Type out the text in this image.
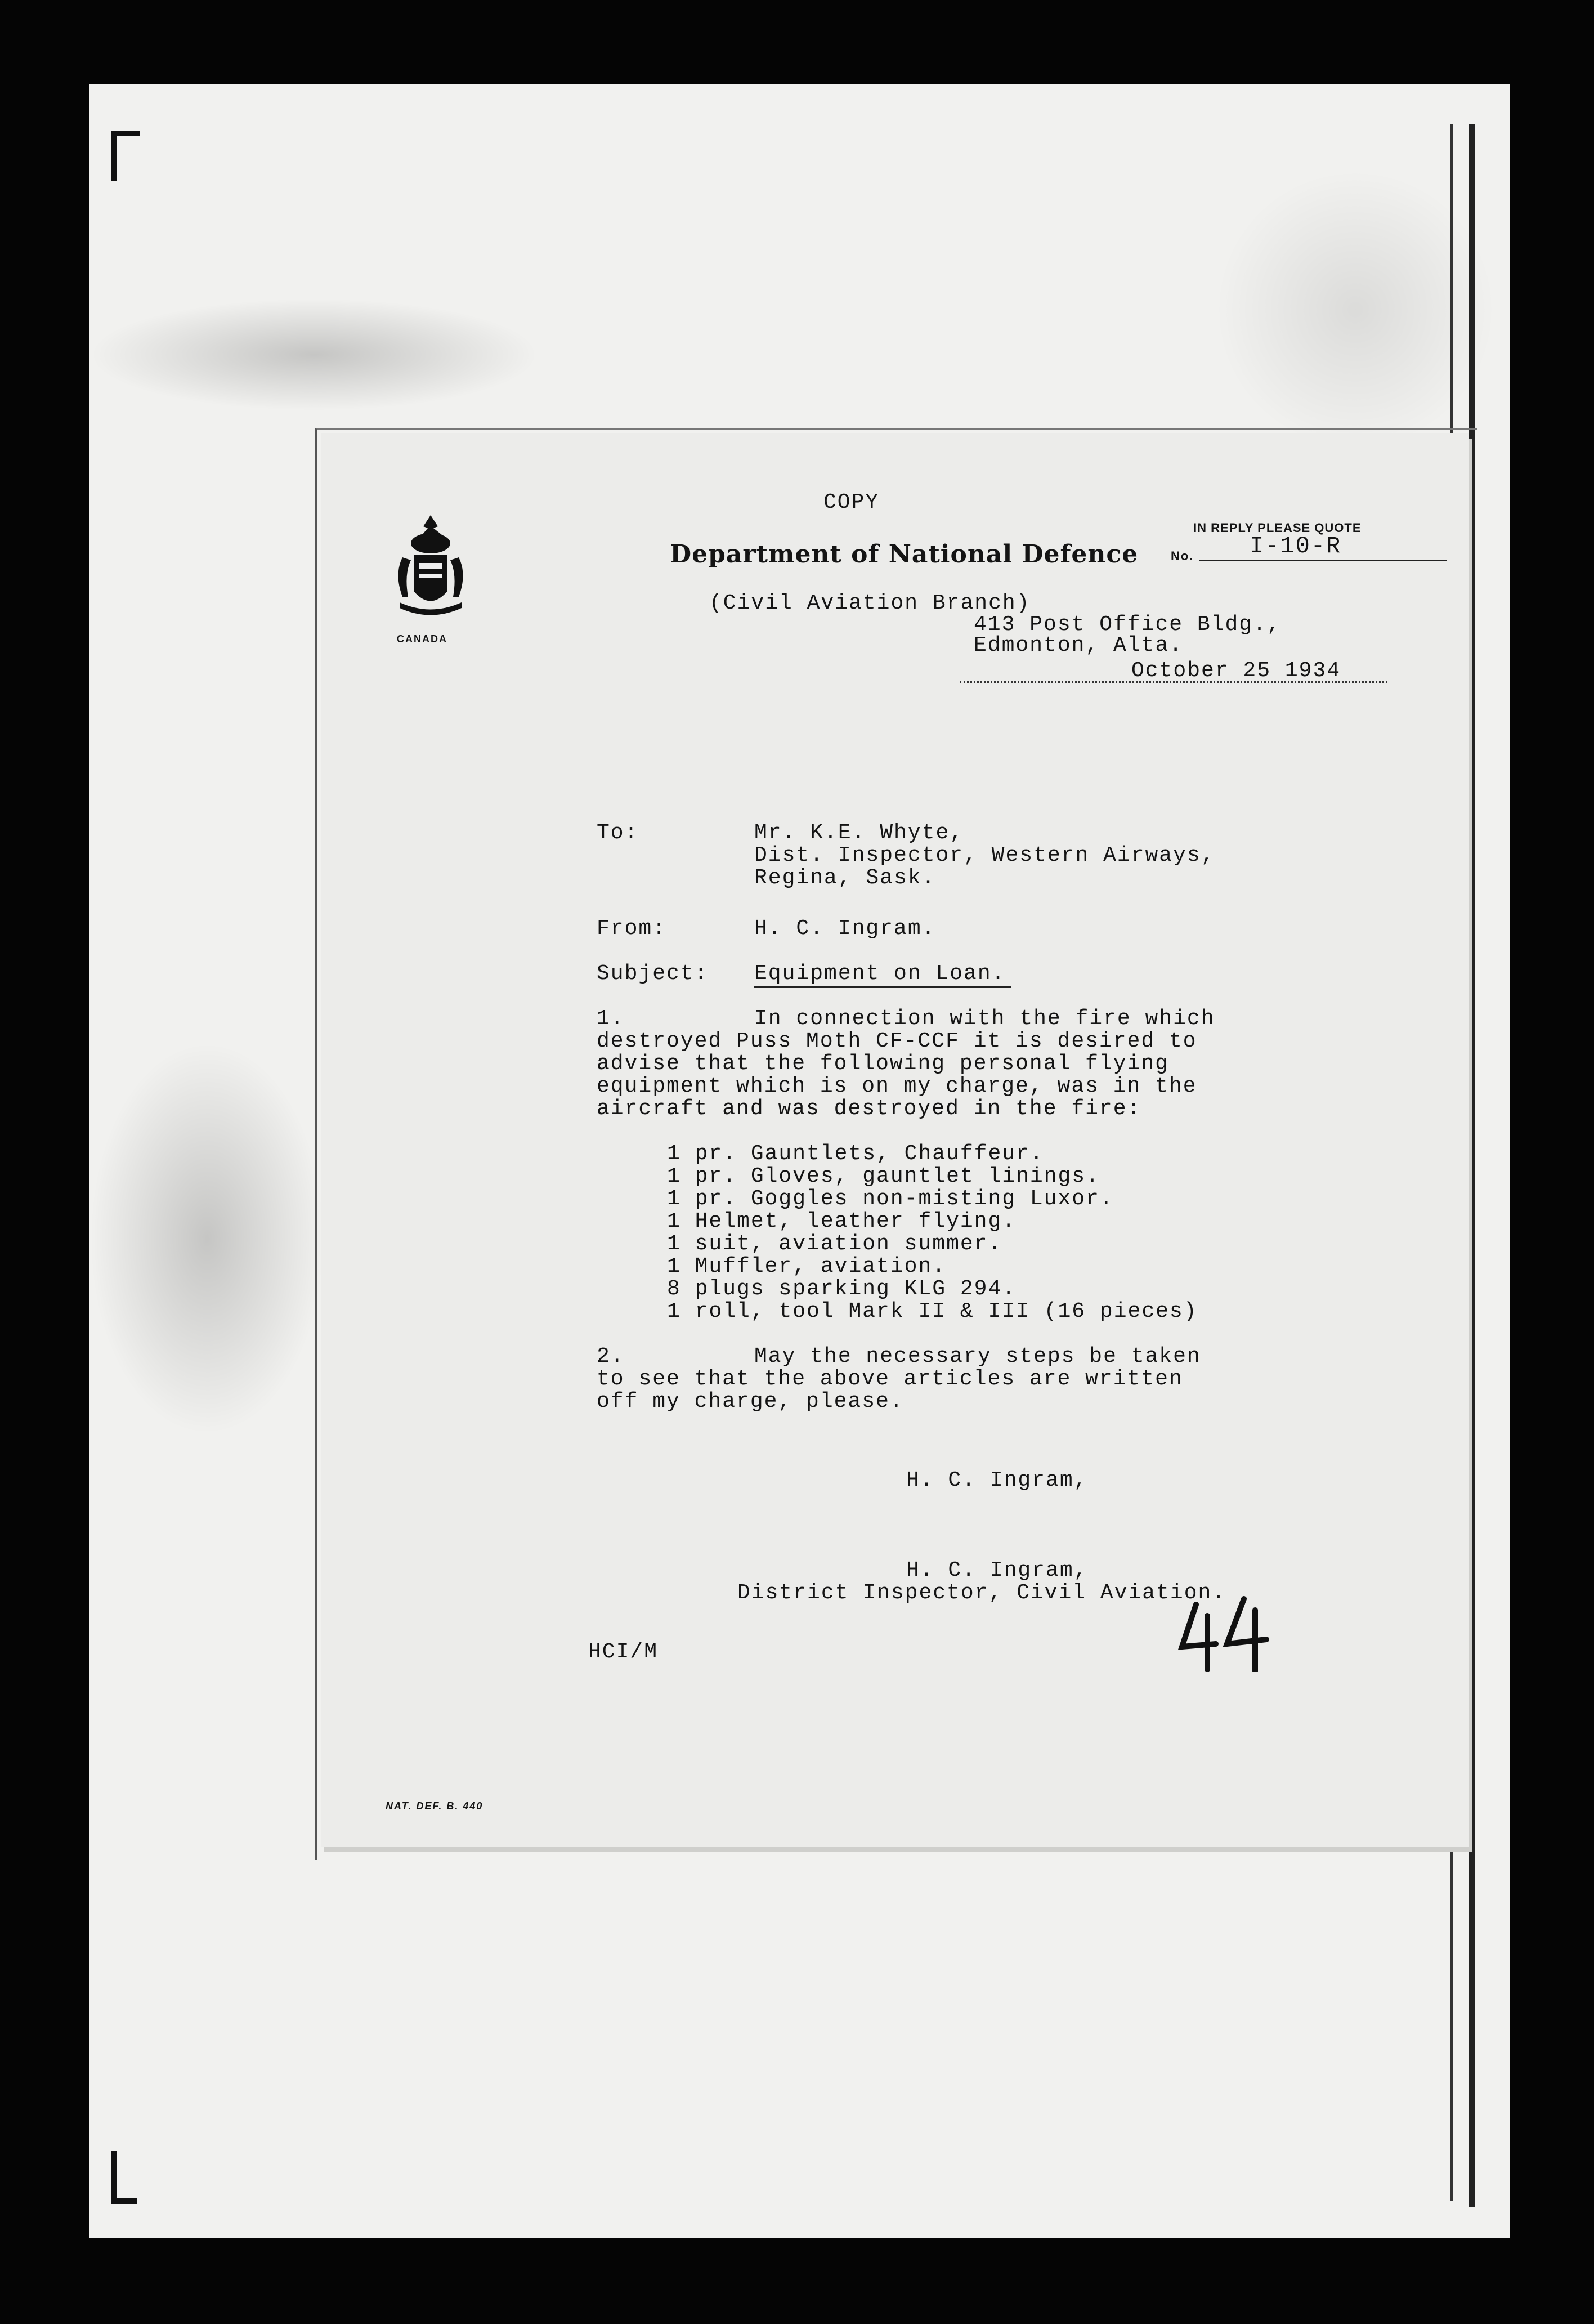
COPY
IN REPLY PLEASE QUOTE
No. I-10-R
CANADA
Department of National Defence
(Civil Aviation Branch)
413 Post Office Bldg.,
Edmonton, Alta.
October 25 1934
To:	Mr. K.E. Whyte,
Dist. Inspector, Western Airways,
Regina, Sask.
From:	H. C. Ingram.
Subject: Equipment on Loan.
1.	In connection with the fire which
destroyed Puss Moth CF-CCF it is desired to
advise that the following personal flying
equipment which is on my charge, was in the
aircraft and was destroyed in the fire:
1 pr. Gauntlets, Chauffeur.
1 pr. Gloves, gauntlet linings.
1 pr. Goggles non-misting Luxor.
1 Helmet, leather flying.
1 suit, aviation summer.
1 Muffler, aviation.
8 plugs sparking KLG 294.
1 roll, tool Mark II & III (16 pieces)
2.	May the necessary steps be taken
to see that the above articles are written
off my charge, please.
H. C. Ingram,
H. C. Ingram,
District Inspector, Civil Aviation.
HCI/M
NAT. DEF. B. 440
